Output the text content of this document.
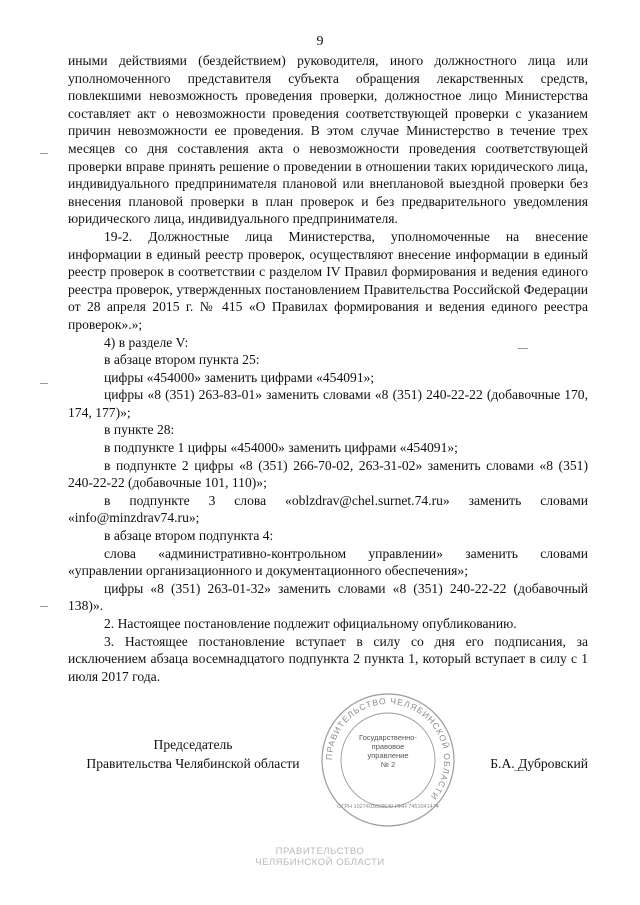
9

иными действиями (бездействием) руководителя, иного должностного лица или уполномоченного представителя субъекта обращения лекарственных средств, повлекшими невозможность проведения проверки, должностное лицо Министерства составляет акт о невозможности проведения соответствующей проверки с указанием причин невозможности ее проведения. В этом случае Министерство в течение трех месяцев со дня составления акта о невозможности проведения соответствующей проверки вправе принять решение о проведении в отношении таких юридического лица, индивидуального предпринимателя плановой или внеплановой выездной проверки без внесения плановой проверки в план проверок и без предварительного уведомления юридического лица, индивидуального предпринимателя.

19-2. Должностные лица Министерства, уполномоченные на внесение информации в единый реестр проверок, осуществляют внесение информации в единый реестр проверок в соответствии с разделом IV Правил формирования и ведения единого реестра проверок, утвержденных постановлением Правительства Российской Федерации от 28 апреля 2015 г. № 415 «О Правилах формирования и ведения единого реестра проверок».»;

4) в разделе V:

в абзаце втором пункта 25:

цифры «454000» заменить цифрами «454091»;

цифры «8 (351) 263-83-01» заменить словами «8 (351) 240-22-22 (добавочные 170, 174, 177)»;

в пункте 28:

в подпункте 1 цифры «454000» заменить цифрами «454091»;

в подпункте 2 цифры «8 (351) 266-70-02, 263-31-02» заменить словами «8 (351) 240-22-22 (добавочные 101, 110)»;

в подпункте 3 слова «oblzdrav@chel.surnet.74.ru» заменить словами «info@minzdrav74.ru»;

в абзаце втором подпункта 4:

слова «административно-контрольном управлении» заменить словами «управлении организационного и документационного обеспечения»;

цифры «8 (351) 263-01-32» заменить словами «8 (351) 240-22-22 (добавочный 138)».

2. Настоящее постановление подлежит официальному опубликованию.

3. Настоящее постановление вступает в силу со дня его подписания, за исключением абзаца восемнадцатого подпункта 2 пункта 1, который вступает в силу с 1 июля 2017 года.

Председатель
Правительства Челябинской области	Б.А. Дубровский
ПРАВИТЕЛЬСТВО ЧЕЛЯБИНСКОЙ ОБЛАСТИ
ОГРН 1027403893640 ИНН 7451041474
Государственно-
правовое
управление
№ 2
ПРАВИТЕЛЬСТВО
ЧЕЛЯБИНСКОЙ ОБЛАСТИ
